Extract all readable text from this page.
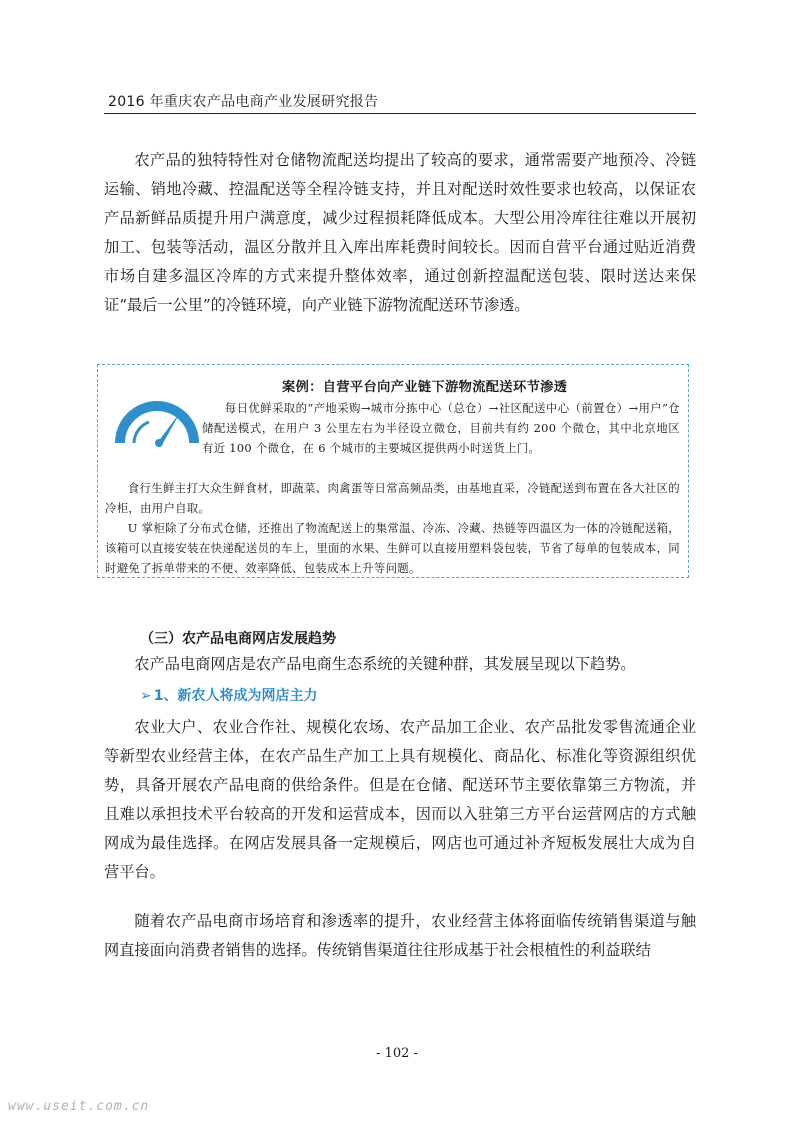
2016 年重庆农产品电商产业发展研究报告

农产品的独特特性对仓储物流配送均提出了较高的要求，通常需要产地预冷、冷链运输、销地冷藏、控温配送等全程冷链支持，并且对配送时效性要求也较高，以保证农产品新鲜品质提升用户满意度，减少过程损耗降低成本。大型公用冷库往往难以开展初加工、包装等活动，温区分散并且入库出库耗费时间较长。因而自营平台通过贴近消费市场自建多温区冷库的方式来提升整体效率，通过创新控温配送包装、限时送达来保证“最后一公里”的冷链环境，向产业链下游物流配送环节渗透。

案例：自营平台向产业链下游物流配送环节渗透

每日优鲜采取的“产地采购→城市分拣中心（总仓）→社区配送中心（前置仓）→用户”仓储配送模式，在用户 3 公里左右为半径设立微仓，目前共有约 200 个微仓，其中北京地区有近 100 个微仓，在 6 个城市的主要城区提供两小时送货上门。

食行生鲜主打大众生鲜食材，即蔬菜、肉禽蛋等日常高频品类，由基地直采，冷链配送到布置在各大社区的冷柜，由用户自取。

U 掌柜除了分布式仓储，还推出了物流配送上的集常温、冷冻、冷藏、热链等四温区为一体的冷链配送箱，该箱可以直接安装在快递配送员的车上，里面的水果、生鲜可以直接用塑料袋包装，节省了每单的包装成本，同时避免了拆单带来的不便、效率降低、包装成本上升等问题。

（三）农产品电商网店发展趋势

农产品电商网店是农产品电商生态系统的关键种群，其发展呈现以下趋势。

➢ 1、新农人将成为网店主力

农业大户、农业合作社、规模化农场、农产品加工企业、农产品批发零售流通企业等新型农业经营主体，在农产品生产加工上具有规模化、商品化、标准化等资源组织优势，具备开展农产品电商的供给条件。但是在仓储、配送环节主要依靠第三方物流，并且难以承担技术平台较高的开发和运营成本，因而以入驻第三方平台运营网店的方式触网成为最佳选择。在网店发展具备一定规模后，网店也可通过补齐短板发展壮大成为自营平台。

随着农产品电商市场培育和渗透率的提升，农业经营主体将面临传统销售渠道与触网直接面向消费者销售的选择。传统销售渠道往往形成基于社会根植性的利益联结

- 102 -
www.useit.com.cn
